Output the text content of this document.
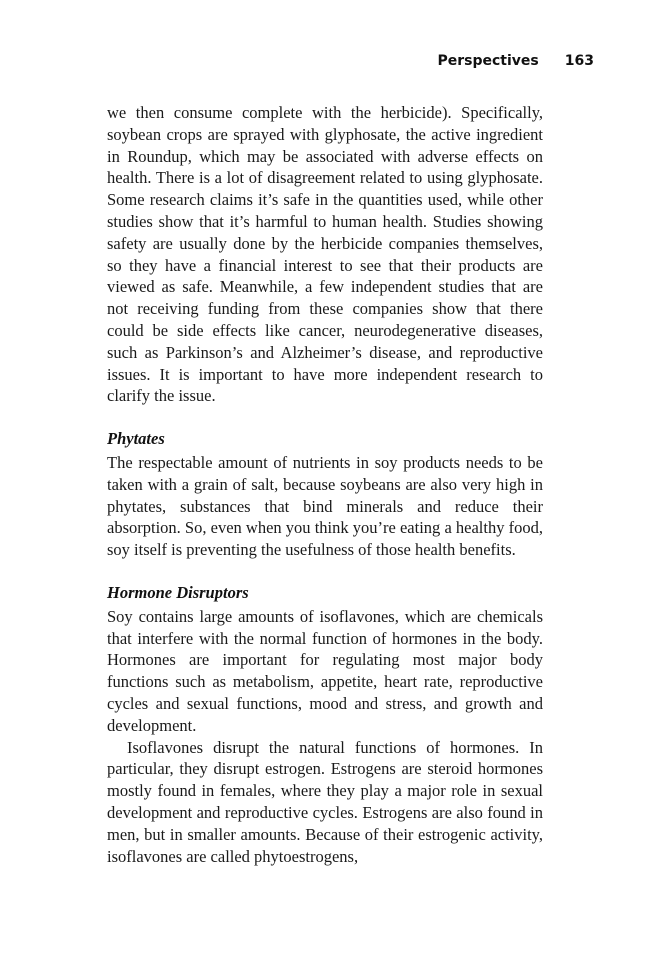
Perspectives 163

we then consume complete with the herbicide). Specifically, soybean crops are sprayed with glyphosate, the active ingredient in Roundup, which may be associated with adverse effects on health. There is a lot of disagreement related to using glyphosate. Some research claims it’s safe in the quantities used, while other studies show that it’s harmful to human health. Studies showing safety are usually done by the herbicide companies themselves, so they have a financial interest to see that their products are viewed as safe. Meanwhile, a few independent studies that are not receiving funding from these companies show that there could be side effects like cancer, neurodegenerative diseases, such as Parkinson’s and Alzheimer’s disease, and reproductive issues. It is important to have more independent research to clarify the issue.

Phytates

The respectable amount of nutrients in soy products needs to be taken with a grain of salt, because soybeans are also very high in phytates, substances that bind minerals and reduce their absorption. So, even when you think you’re eating a healthy food, soy itself is preventing the usefulness of those health benefits.

Hormone Disruptors

Soy contains large amounts of isoflavones, which are chemicals that interfere with the normal function of hormones in the body. Hormones are important for regulating most major body functions such as metabolism, appetite, heart rate, reproductive cycles and sexual functions, mood and stress, and growth and development.

Isoflavones disrupt the natural functions of hormones. In particular, they disrupt estrogen. Estrogens are steroid hormones mostly found in females, where they play a major role in sexual development and reproductive cycles. Estrogens are also found in men, but in smaller amounts. Because of their estrogenic activity, isoflavones are called phytoestrogens,
